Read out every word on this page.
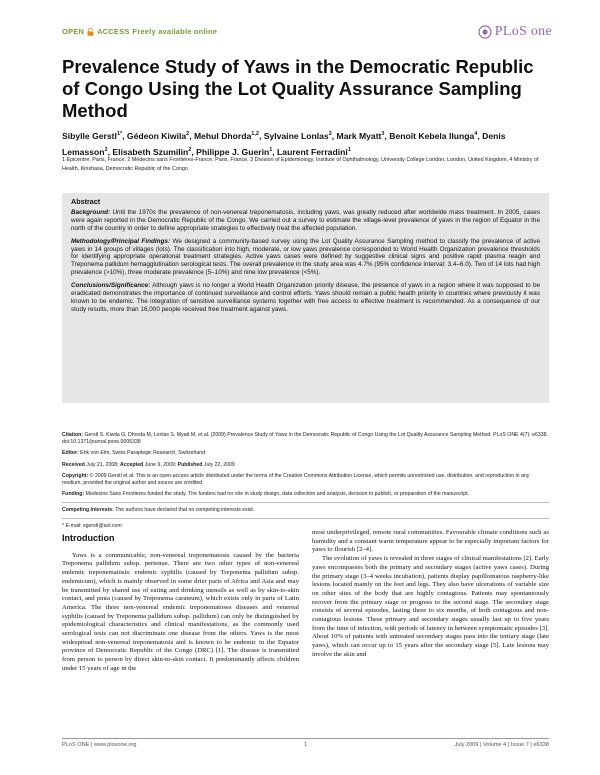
OPEN ACCESS Freely available online	PLoS one
Prevalence Study of Yaws in the Democratic Republic of Congo Using the Lot Quality Assurance Sampling Method
Sibylle Gerstl$^{1*}$, Gédeon Kiwila$^2$, Mehul Dhorda$^{1,2}$, Sylvaine Lonlas$^2$, Mark Myatt$^3$, Benoît Kebela Ilunga$^4$, Denis Lemasson$^2$, Elisabeth Szumilin$^2$, Philippe J. Guerin$^1$, Laurent Ferradini$^1$
1 Epicentre, Paris, France, 2 Médecins sans Frontières-France, Paris, France, 3 Division of Epidemiology, Institute of Ophthalmology, University College London, London, United Kingdom, 4 Ministry of Health, Kinshasa, Democratic Republic of the Congo
Abstract

Background: Until the 1970s the prevalence of non-venereal treponematosis, including yaws, was greatly reduced after worldwide mass treatment. In 2005, cases were again reported in the Democratic Republic of the Congo. We carried out a survey to estimate the village-level prevalence of yaws in the region of Equator in the north of the country in order to define appropriate strategies to effectively treat the affected population.

Methodology/Principal Findings: We designed a community-based survey using the Lot Quality Assurance Sampling method to classify the prevalence of active yaws in 14 groups of villages (lots). The classification into high, moderate, or low yaws prevalence corresponded to World Health Organization prevalence thresholds for identifying appropriate operational treatment strategies. Active yaws cases were defined by suggestive clinical signs and positive rapid plasma reagin and Treponema pallidum hemagglutination serological tests. The overall prevalence in the study area was 4.7% (95% confidence interval: 3.4–6.0). Two of 14 lots had high prevalence (>10%), three moderate prevalence (5–10%) and nine low prevalence (<5%).

Conclusions/Significance: Although yaws is no longer a World Health Organization priority disease, the presence of yaws in a region where it was supposed to be eradicated demonstrates the importance of continued surveillance and control efforts. Yaws should remain a public health priority in countries where previously it was known to be endemic. The integration of sensitive surveillance systems together with free access to effective treatment is recommended. As a consequence of our study results, more than 16,000 people received free treatment against yaws.

Citation: Gerstl S, Kiwila G, Dhorda M, Lonlas S, Myatt M, et al. (2009) Prevalence Study of Yaws in the Democratic Republic of Congo Using the Lot Quality Assurance Sampling Method. PLoS ONE 4(7): e6338. doi:10.1371/journal.pone.0006338
Editor: Erik von Elm, Swiss Paraplegic Research, Switzerland
Received July 21, 2008; Accepted June 9, 2009; Published July 22, 2009
Copyright: © 2009 Gerstl et al. This is an open-access article distributed under the terms of the Creative Commons Attribution License, which permits unrestricted use, distribution, and reproduction in any medium, provided the original author and source are credited.
Funding: Medecins Sans Frontieres funded the study. The funders had no role in study design, data collection and analysis, decision to publish, or preparation of the manuscript.
Competing Interests: The authors have declared that no competing interests exist.
* E-mail: sgerstl@aol.com
Introduction

Yaws is a communicable, non-venereal treponematosis caused by the bacteria Treponema pallidum subsp. pertenue. There are two other types of non-venereal endemic treponematosis: endemic syphilis (caused by Treponema pallidum subsp. endemicum), which is mainly observed in some drier parts of Africa and Asia and may be transmitted by shared use of eating and drinking utensils as well as by skin-to-skin contact, and pinta (caused by Treponema carateum), which exists only in parts of Latin America. The three non-venereal endemic treponematoses diseases and venereal syphilis (caused by Treponema pallidum subsp. pallidum) can only be distinguished by epidemiological characteristics and clinical manifestations, as the commonly used serological tests can not discriminate one disease from the others. Yaws is the most widespread non-venereal treponematosis and is known to be endemic in the Equator province of Democratic Republic of the Congo (DRC) [1]. The disease is transmitted from person to person by direct skin-to-skin contact. It predominantly affects children under 15 years of age in the

most underprivileged, remote rural communities. Favourable climate conditions such as humidity and a constant warm temperature appear to be especially important factors for yaws to flourish [2–4].

The evolution of yaws is revealed in three stages of clinical manifestations [2]. Early yaws encompasses both the primary and secondary stages (active yaws cases). During the primary stage (3–4 weeks incubation), patients display papillomatous raspberry-like lesions located mainly on the feet and legs. They also have ulcerations of variable size on other sites of the body that are highly contagious. Patients may spontaneously recover from the primary stage or progress to the second stage. The secondary stage consists of several episodes, lasting three to six months, of both contagious and non-contagious lesions. These primary and secondary stages usually last up to five years from the time of infection, with periods of latency in between symptomatic episodes [3]. About 10% of patients with untreated secondary stages pass into the tertiary stage (late yaws), which can occur up to 15 years after the secondary stage [5]. Late lesions may involve the skin and

PLoS ONE | www.plosone.org	1	July 2009 | Volume 4 | Issue 7 | e6338
